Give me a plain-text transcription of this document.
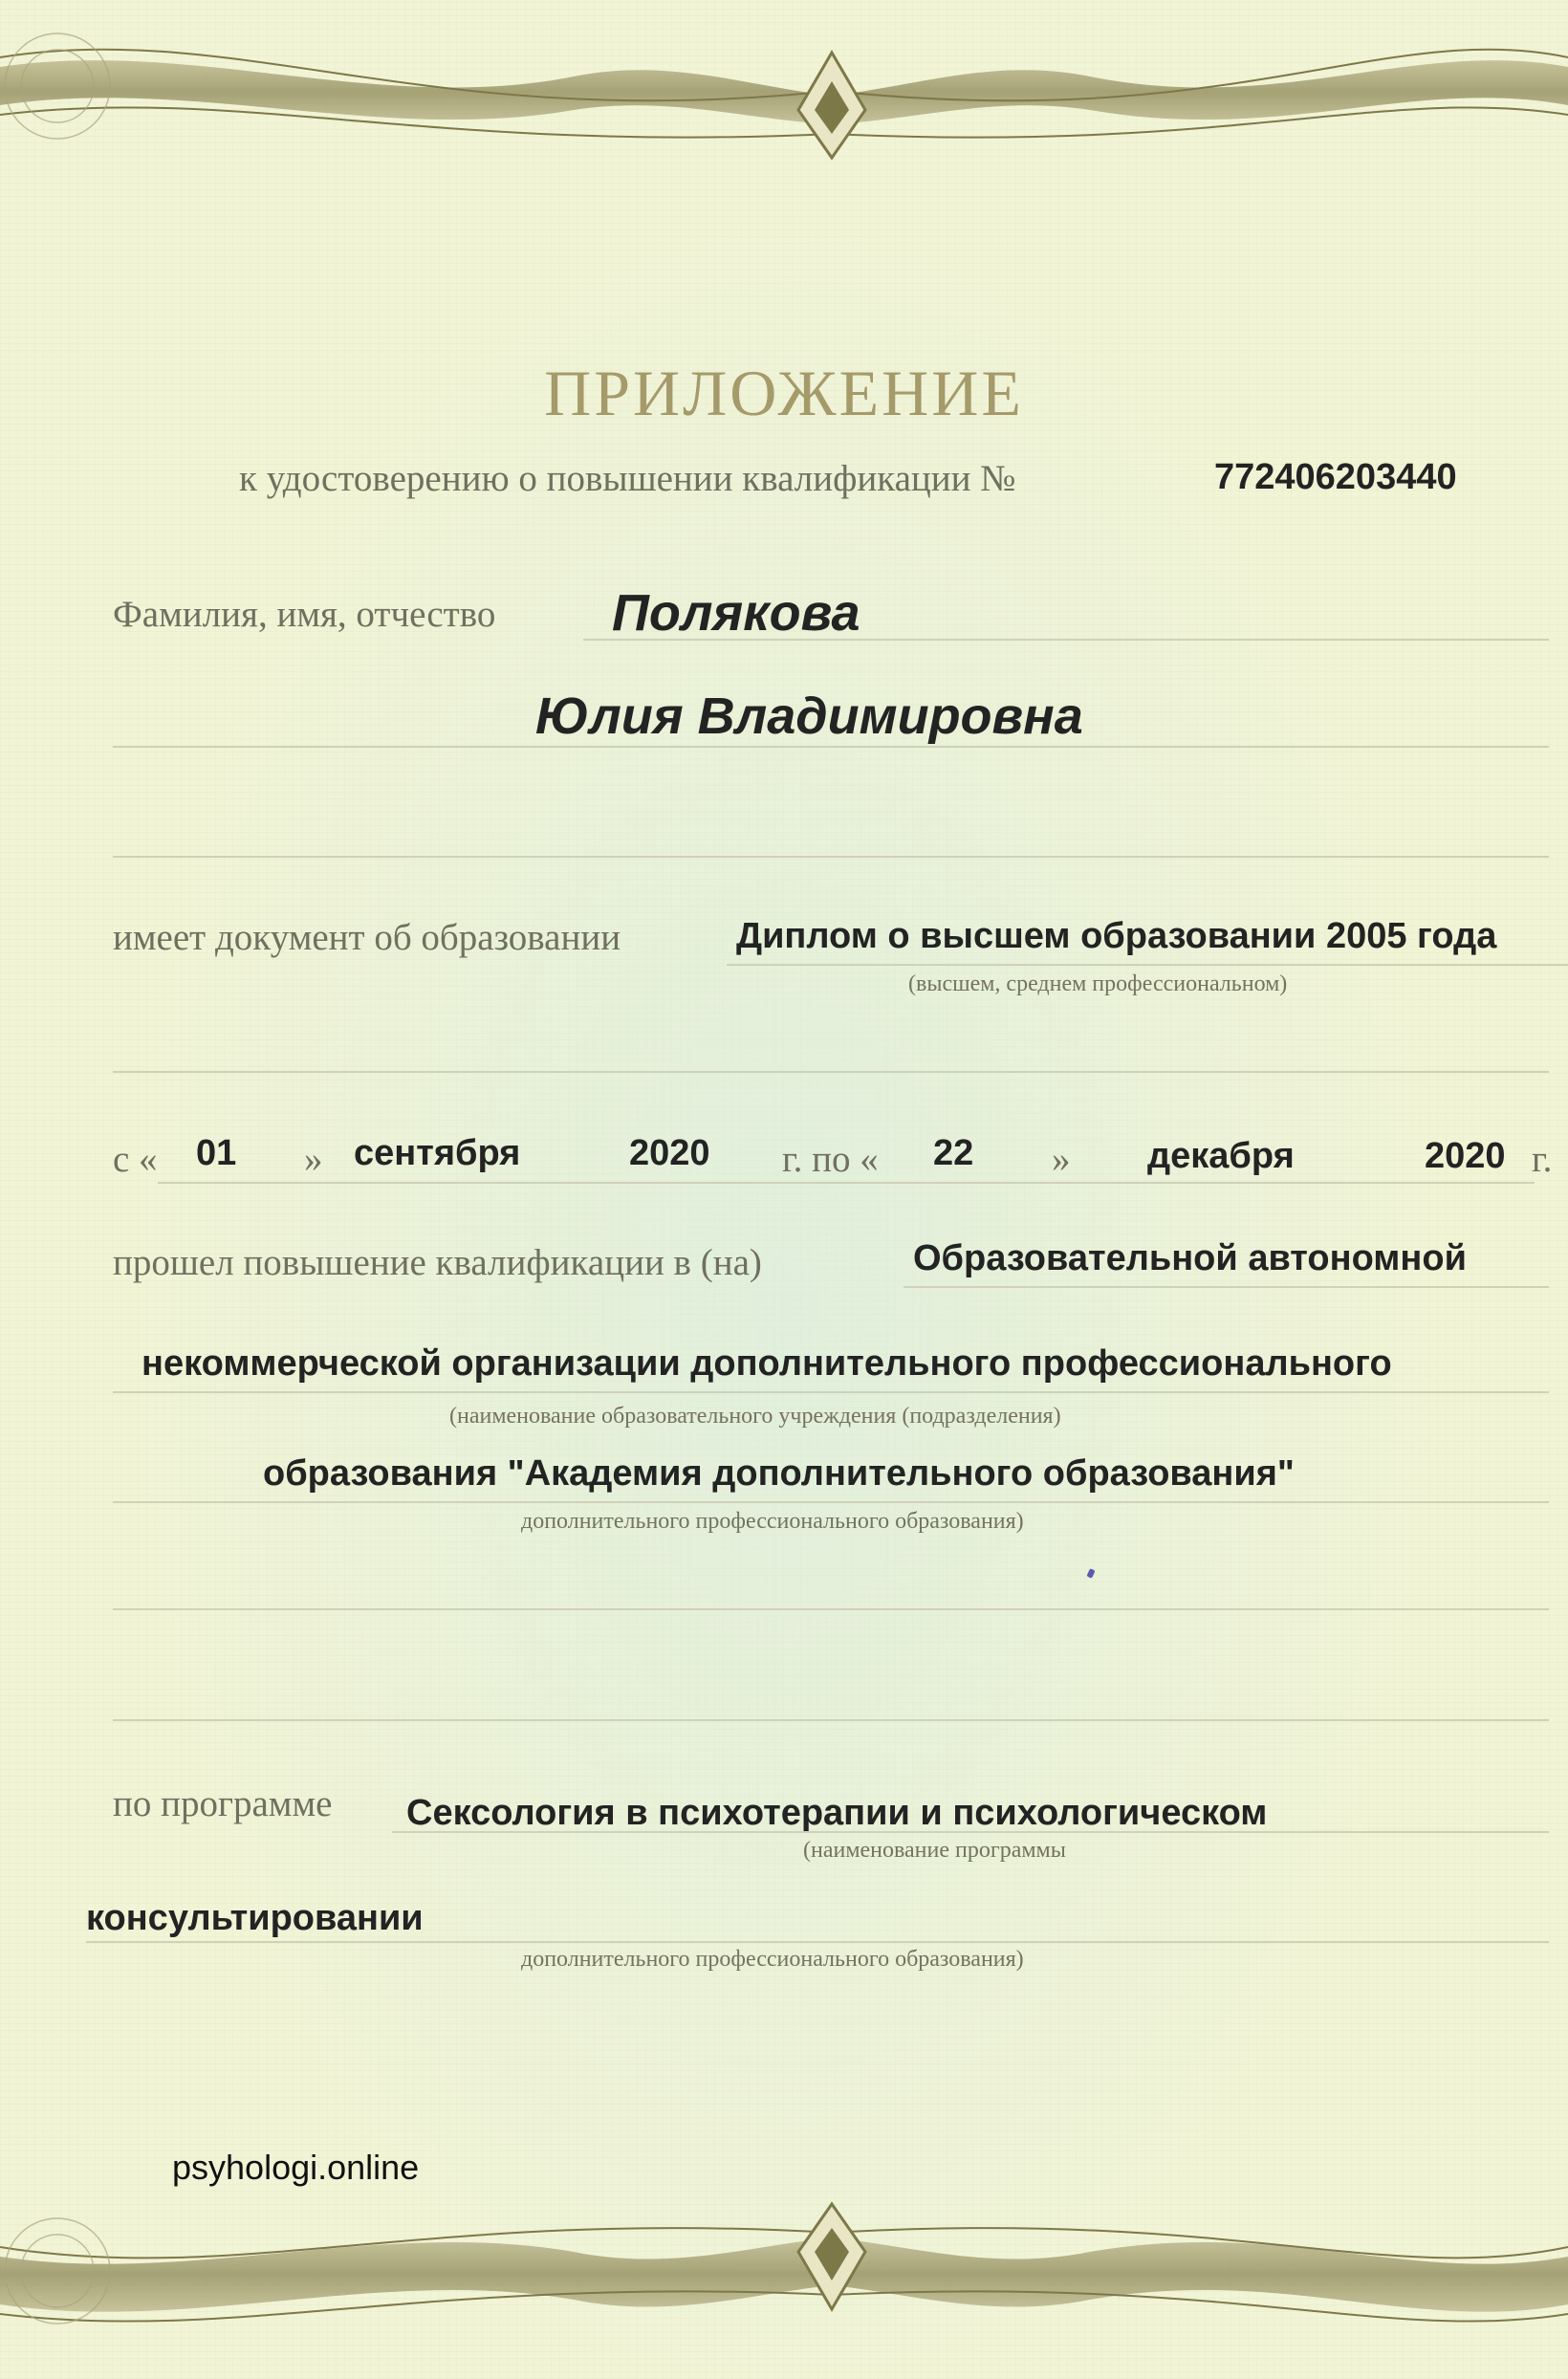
ПРИЛОЖЕНИЕ
к удостоверению о повышении квалификации №	772406203440
Фамилия, имя, отчество Полякова
Юлия Владимировна
имеет документ об образовании	Диплом о высшем образовании 2005 года
(высшем, среднем профессиональном)
с « 01 » сентября	2020 г. по « 22 » декабря	2020 г.
прошел повышение квалификации в (на)	Образовательной автономной
некоммерческой организации дополнительного профессионального
(наименование образовательного учреждения (подразделения)
образования "Академия дополнительного образования"
дополнительного профессионального образования)
по программе Сексология в психотерапии и психологическом
(наименование программы
консультировании
дополнительного профессионального образования)
psyhologi.online
